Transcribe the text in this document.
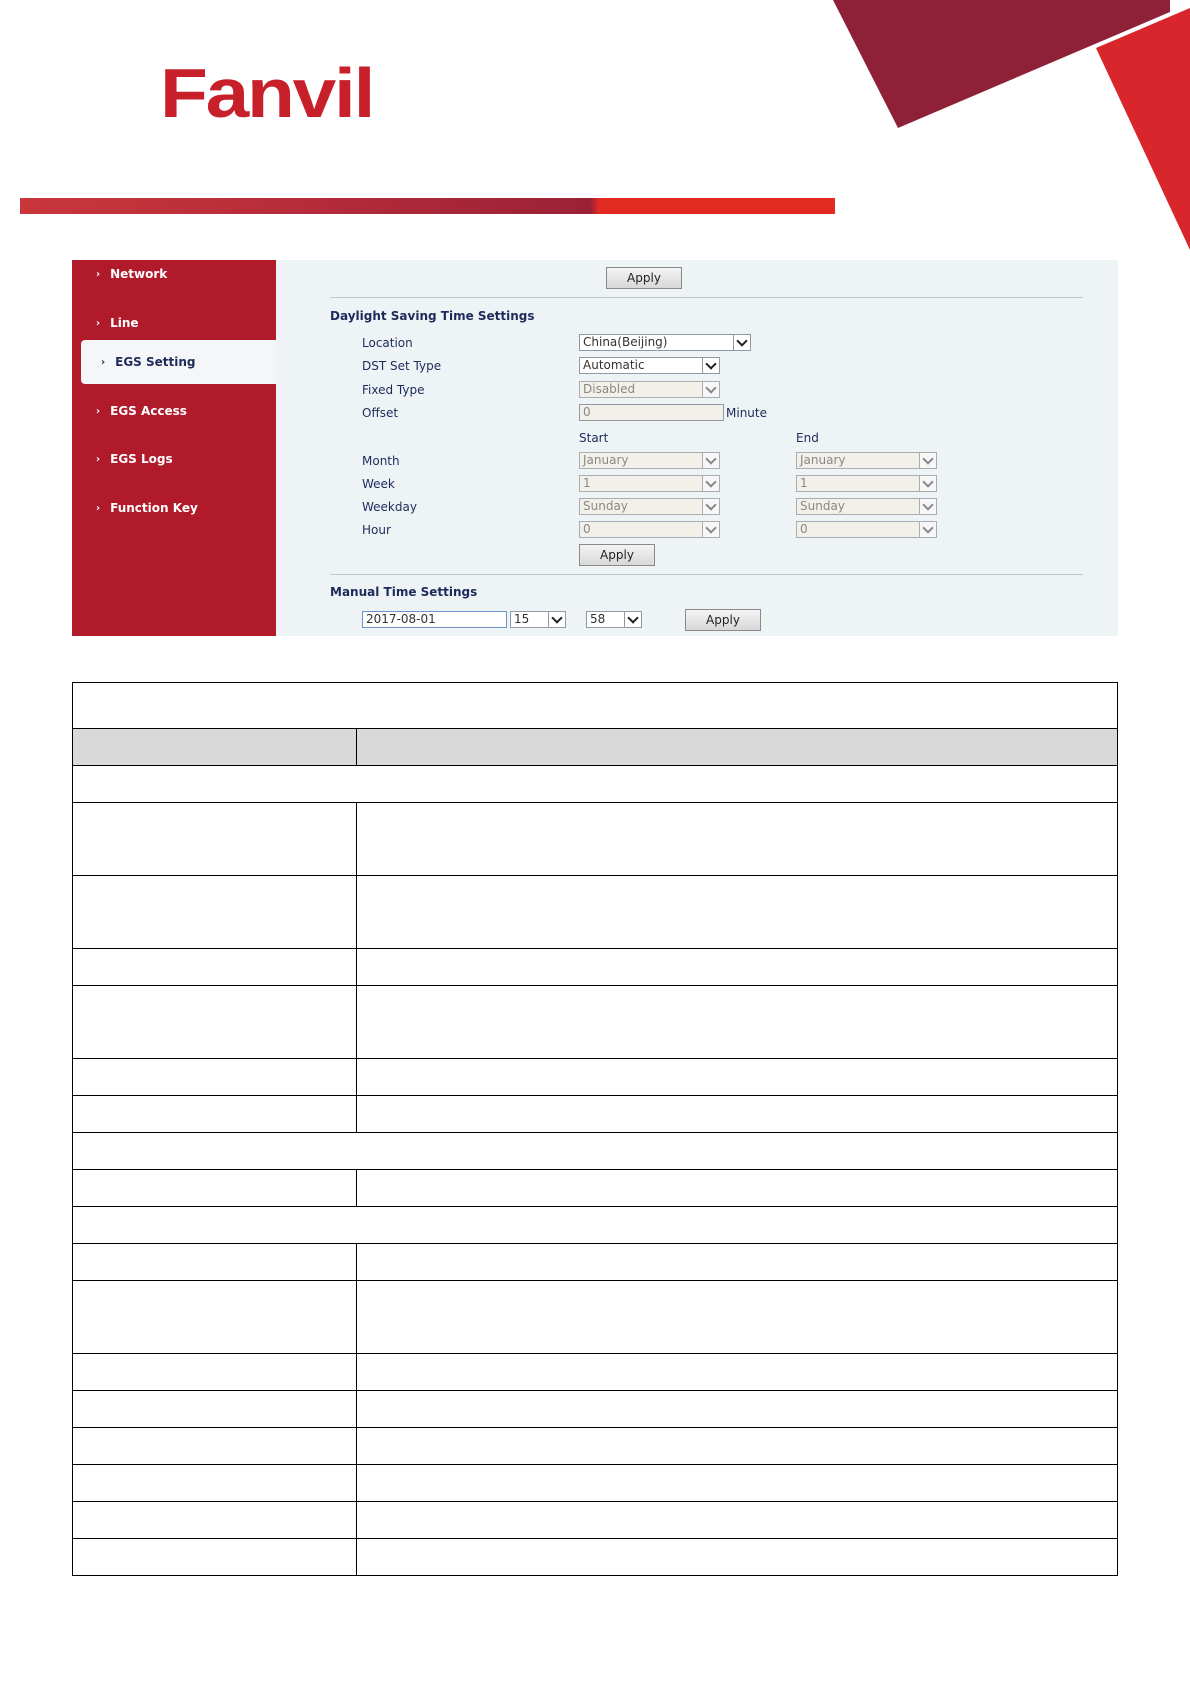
Fanvil
› Network
› Line
› EGS Setting
› EGS Access
› EGS Logs
› Function Key
Apply
Daylight Saving Time Settings
Location	China(Beijing)
DST Set Type	Automatic
Fixed Type	Disabled
Offset	0	Minute
Start	End
Month	January	January
Week	1	1
Weekday	Sunday	Sunday
Hour	0	0
Apply
Manual Time Settings
2017-08-01	15	58	Apply
